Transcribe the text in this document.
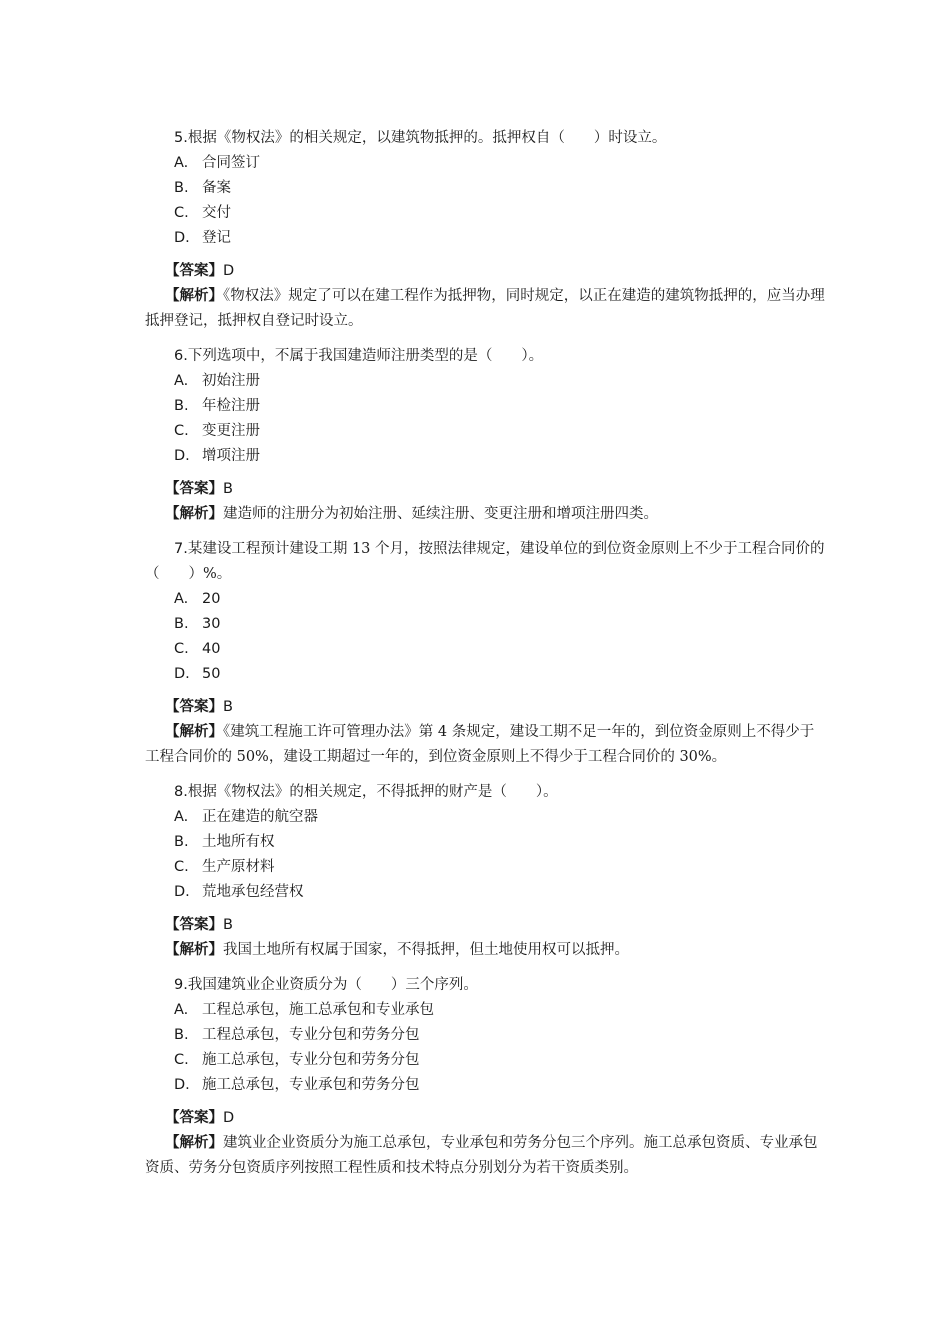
5.根据《物权法》的相关规定，以建筑物抵押的。抵押权自（　　）时设立。

A. 合同签订

B. 备案

C. 交付

D. 登记

【答案】D

【解析】《物权法》规定了可以在建工程作为抵押物，同时规定，以正在建造的建筑物抵押的，应当办理抵押登记，抵押权自登记时设立。

6.下列选项中，不属于我国建造师注册类型的是（　　）。

A. 初始注册

B. 年检注册

C. 变更注册

D. 增项注册

【答案】B

【解析】建造师的注册分为初始注册、延续注册、变更注册和增项注册四类。

7.某建设工程预计建设工期 13 个月，按照法律规定，建设单位的到位资金原则上不少于工程合同价的（　　）%。

A. 20

B. 30

C. 40

D. 50

【答案】B

【解析】《建筑工程施工许可管理办法》第 4 条规定，建设工期不足一年的，到位资金原则上不得少于工程合同价的 50%，建设工期超过一年的，到位资金原则上不得少于工程合同价的 30%。

8.根据《物权法》的相关规定，不得抵押的财产是（　　）。

A. 正在建造的航空器

B. 土地所有权

C. 生产原材料

D. 荒地承包经营权

【答案】B

【解析】我国土地所有权属于国家，不得抵押，但土地使用权可以抵押。

9.我国建筑业企业资质分为（　　）三个序列。

A. 工程总承包，施工总承包和专业承包

B. 工程总承包，专业分包和劳务分包

C. 施工总承包，专业分包和劳务分包

D. 施工总承包，专业承包和劳务分包

【答案】D

【解析】建筑业企业资质分为施工总承包，专业承包和劳务分包三个序列。施工总承包资质、专业承包资质、劳务分包资质序列按照工程性质和技术特点分别划分为若干资质类别。
